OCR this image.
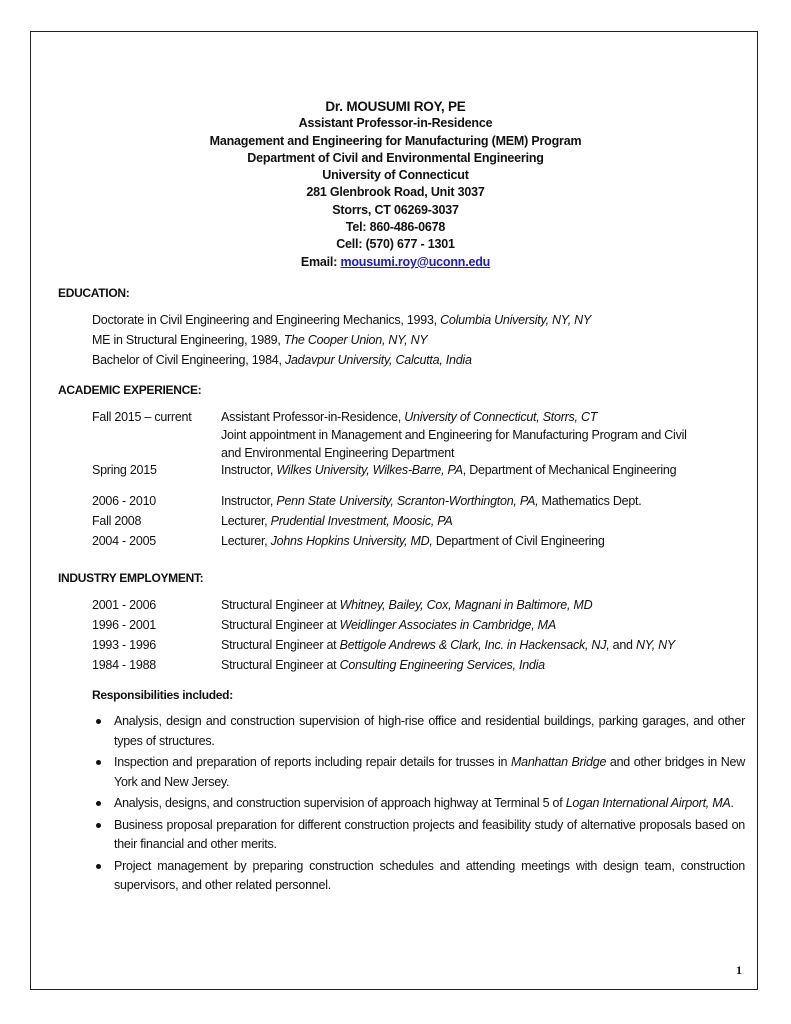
Dr. MOUSUMI ROY, PE
Assistant Professor-in-Residence
Management and Engineering for Manufacturing (MEM) Program
Department of Civil and Environmental Engineering
University of Connecticut
281 Glenbrook Road, Unit 3037
Storrs, CT 06269-3037
Tel: 860-486-0678
Cell: (570) 677 - 1301
Email: mousumi.roy@uconn.edu
EDUCATION:
Doctorate in Civil Engineering and Engineering Mechanics, 1993, Columbia University, NY, NY
ME in Structural Engineering, 1989, The Cooper Union, NY, NY
Bachelor of Civil Engineering, 1984, Jadavpur University, Calcutta, India
ACADEMIC EXPERIENCE:
Fall 2015 – current Assistant Professor-in-Residence, University of Connecticut, Storrs, CT
Joint appointment in Management and Engineering for Manufacturing Program and Civil
and Environmental Engineering Department
Spring 2015	Instructor, Wilkes University, Wilkes-Barre, PA, Department of Mechanical Engineering
2006 - 2010	Instructor, Penn State University, Scranton-Worthington, PA, Mathematics Dept.
Fall 2008	Lecturer, Prudential Investment, Moosic, PA
2004 - 2005	Lecturer, Johns Hopkins University, MD, Department of Civil Engineering
INDUSTRY EMPLOYMENT:
2001 - 2006	Structural Engineer at Whitney, Bailey, Cox, Magnani in Baltimore, MD
1996 - 2001	Structural Engineer at Weidlinger Associates in Cambridge, MA
1993 - 1996	Structural Engineer at Bettigole Andrews & Clark, Inc. in Hackensack, NJ, and NY, NY
1984 - 1988	Structural Engineer at Consulting Engineering Services, India
Responsibilities included:
Analysis, design and construction supervision of high-rise office and residential buildings, parking garages, and other types of structures.
Inspection and preparation of reports including repair details for trusses in Manhattan Bridge and other bridges in New York and New Jersey.
Analysis, designs, and construction supervision of approach highway at Terminal 5 of Logan International Airport, MA.
Business proposal preparation for different construction projects and feasibility study of alternative proposals based on their financial and other merits.
Project management by preparing construction schedules and attending meetings with design team, construction supervisors, and other related personnel.
1
